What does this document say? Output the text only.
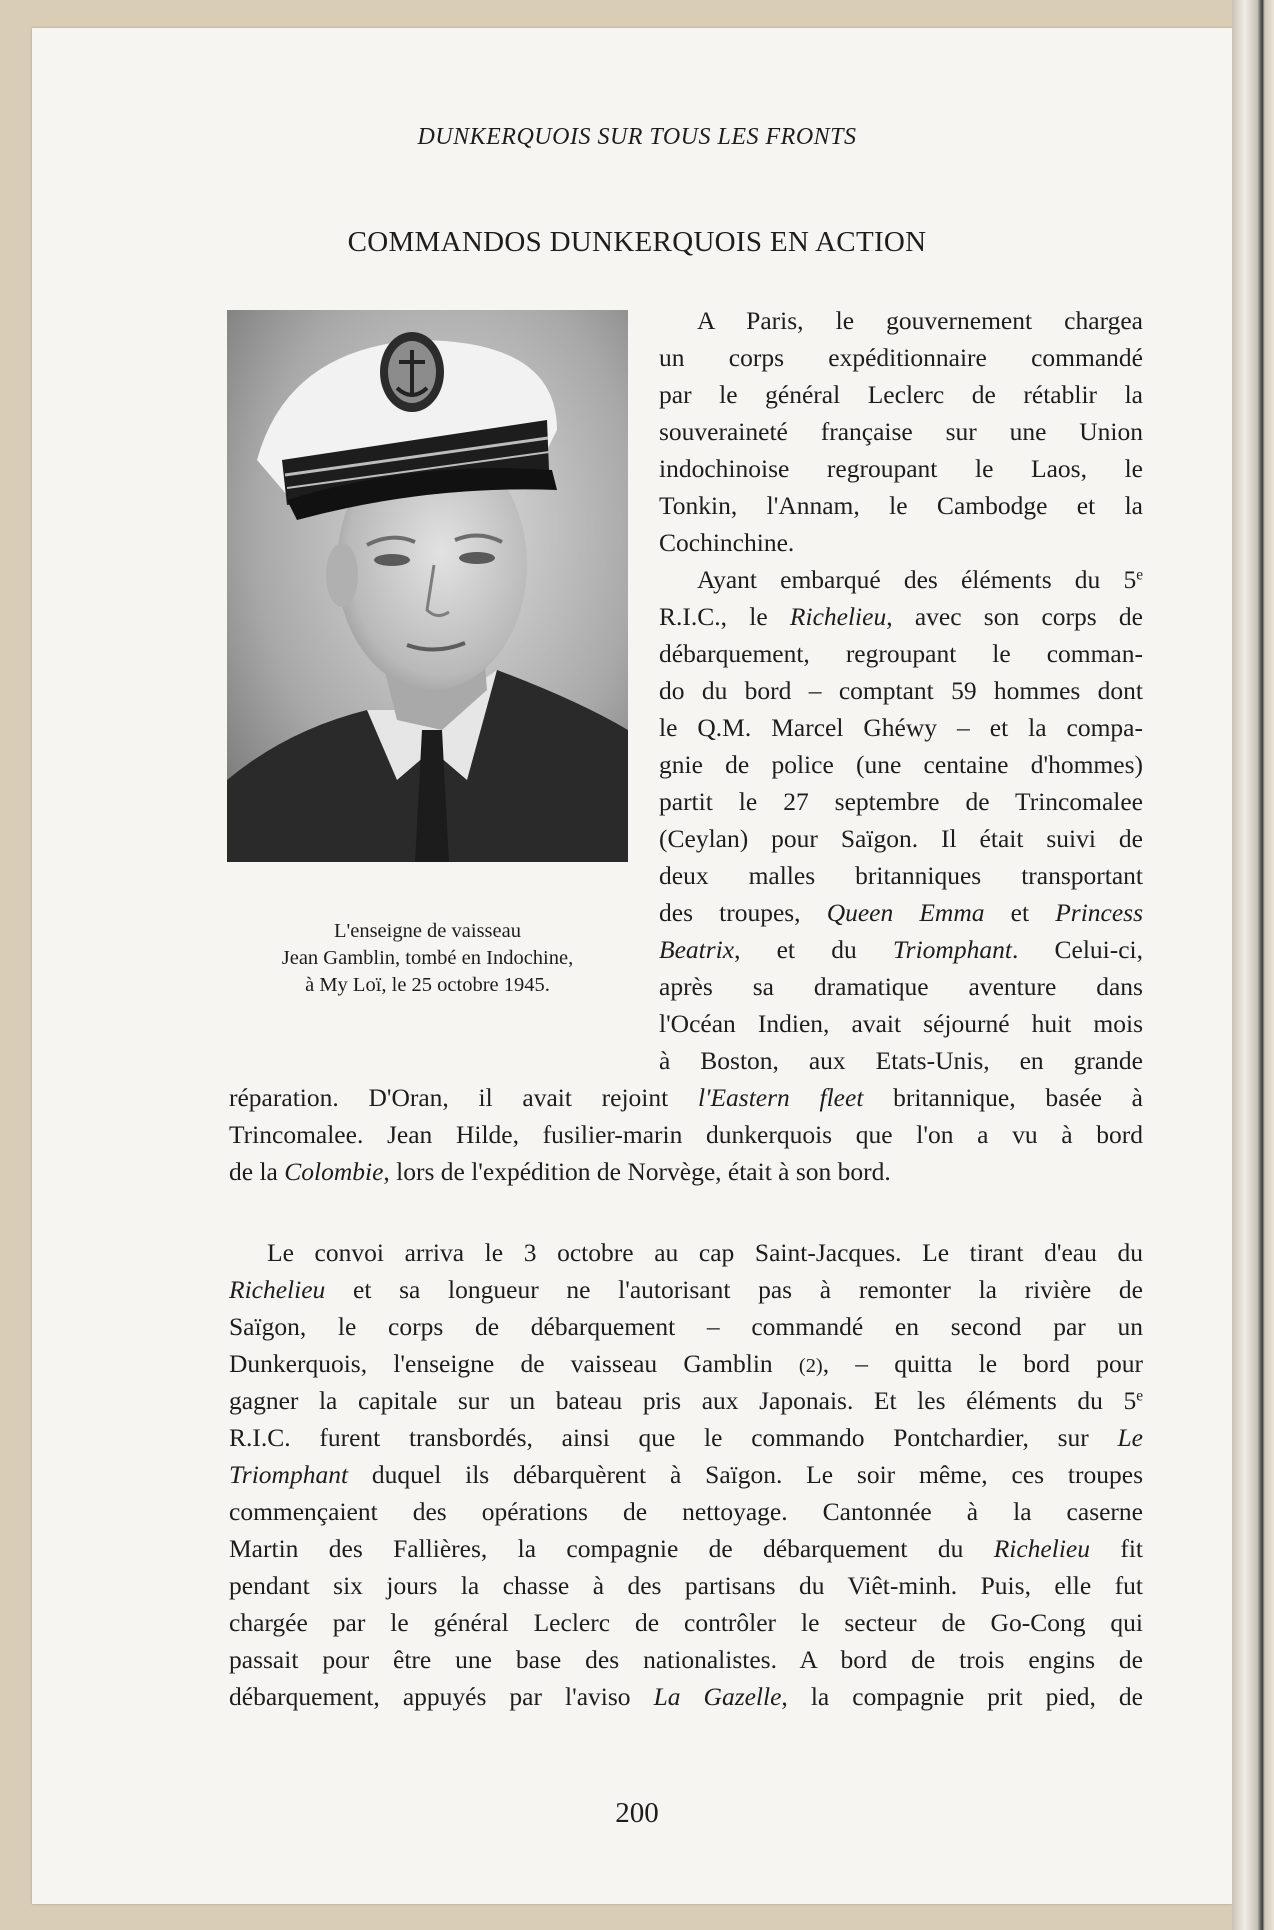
DUNKERQUOIS SUR TOUS LES FRONTS
COMMANDOS DUNKERQUOIS EN ACTION
L'enseigne de vaisseau
Jean Gamblin, tombé en Indochine,
à My Loï, le 25 octobre 1945.
A Paris, le gouvernement chargea
un corps expéditionnaire commandé
par le général Leclerc de rétablir la
souveraineté française sur une Union
indochinoise regroupant le Laos, le
Tonkin, l'Annam, le Cambodge et la
Cochinchine.
Ayant embarqué des éléments du 5e
R.I.C., le Richelieu, avec son corps de
débarquement, regroupant le comman-
do du bord – comptant 59 hommes dont
le Q.M. Marcel Ghéwy – et la compa-
gnie de police (une centaine d'hommes)
partit le 27 septembre de Trincomalee
(Ceylan) pour Saïgon. Il était suivi de
deux malles britanniques transportant
des troupes, Queen Emma et Princess
Beatrix, et du Triomphant. Celui-ci,
après sa dramatique aventure dans
l'Océan Indien, avait séjourné huit mois
à Boston, aux Etats-Unis, en grande
réparation. D'Oran, il avait rejoint l'Eastern fleet britannique, basée à
Trincomalee. Jean Hilde, fusilier-marin dunkerquois que l'on a vu à bord
de la Colombie, lors de l'expédition de Norvège, était à son bord.
Le convoi arriva le 3 octobre au cap Saint-Jacques. Le tirant d'eau du
Richelieu et sa longueur ne l'autorisant pas à remonter la rivière de
Saïgon, le corps de débarquement – commandé en second par un
Dunkerquois, l'enseigne de vaisseau Gamblin (2), – quitta le bord pour
gagner la capitale sur un bateau pris aux Japonais. Et les éléments du 5e
R.I.C. furent transbordés, ainsi que le commando Pontchardier, sur Le
Triomphant duquel ils débarquèrent à Saïgon. Le soir même, ces troupes
commençaient des opérations de nettoyage. Cantonnée à la caserne
Martin des Fallières, la compagnie de débarquement du Richelieu fit
pendant six jours la chasse à des partisans du Viêt-minh. Puis, elle fut
chargée par le général Leclerc de contrôler le secteur de Go-Cong qui
passait pour être une base des nationalistes. A bord de trois engins de
débarquement, appuyés par l'aviso La Gazelle, la compagnie prit pied, de
200
